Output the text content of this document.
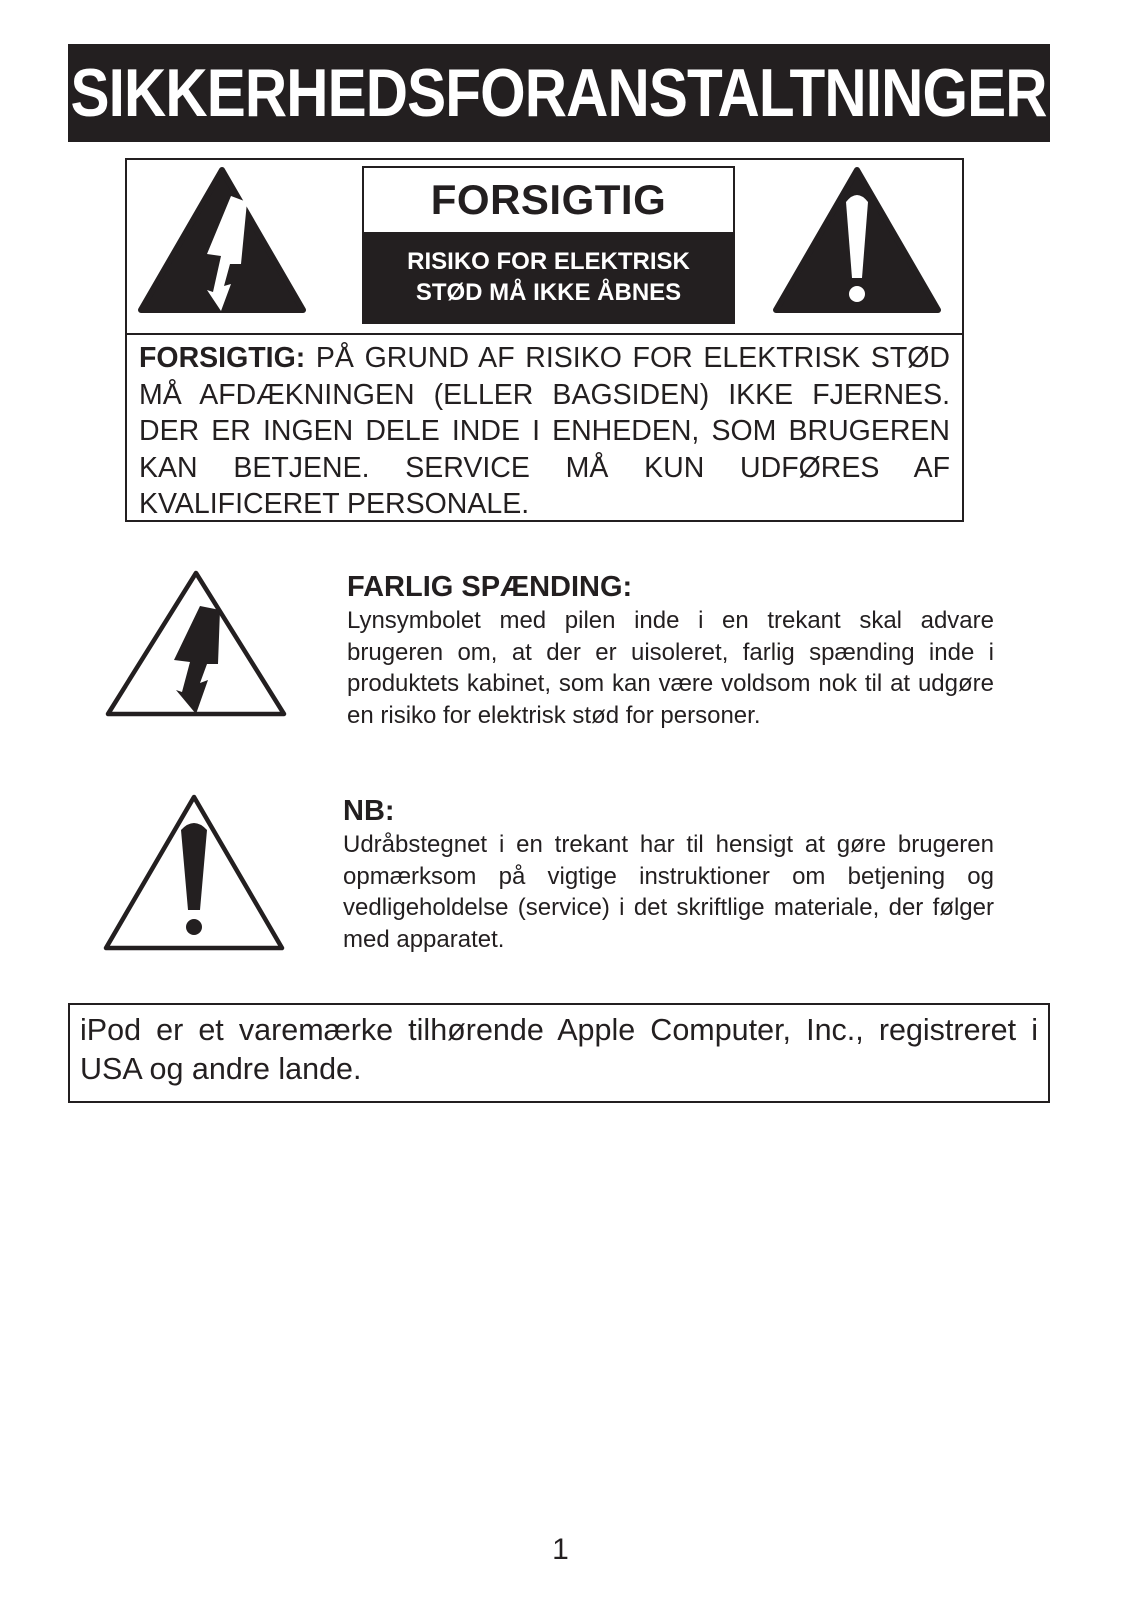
SIKKERHEDSFORANSTALTNINGER
FORSIGTIG
RISIKO FOR ELEKTRISK
STØD MÅ IKKE ÅBNES
FORSIGTIG: PÅ GRUND AF RISIKO FOR ELEKTRISK STØD MÅ AFDÆKNINGEN (ELLER BAGSIDEN) IKKE FJERNES. DER ER INGEN DELE INDE I ENHEDEN, SOM BRUGEREN KAN BETJENE. SERVICE MÅ KUN UDFØRES AF KVALIFICERET PERSONALE.
FARLIG SPÆNDING:
Lynsymbolet med pilen inde i en trekant skal advare brugeren om, at der er uisoleret, farlig spænding inde i produktets kabinet, som kan være voldsom nok til at udgøre en risiko for elektrisk stød for personer.
NB:
Udråbstegnet i en trekant har til hensigt at gøre brugeren opmærksom på vigtige instruktioner om betjening og vedligeholdelse (service) i det skriftlige materiale, der følger med apparatet.
iPod er et varemærke tilhørende Apple Computer, Inc., registreret i USA og andre lande.
1
